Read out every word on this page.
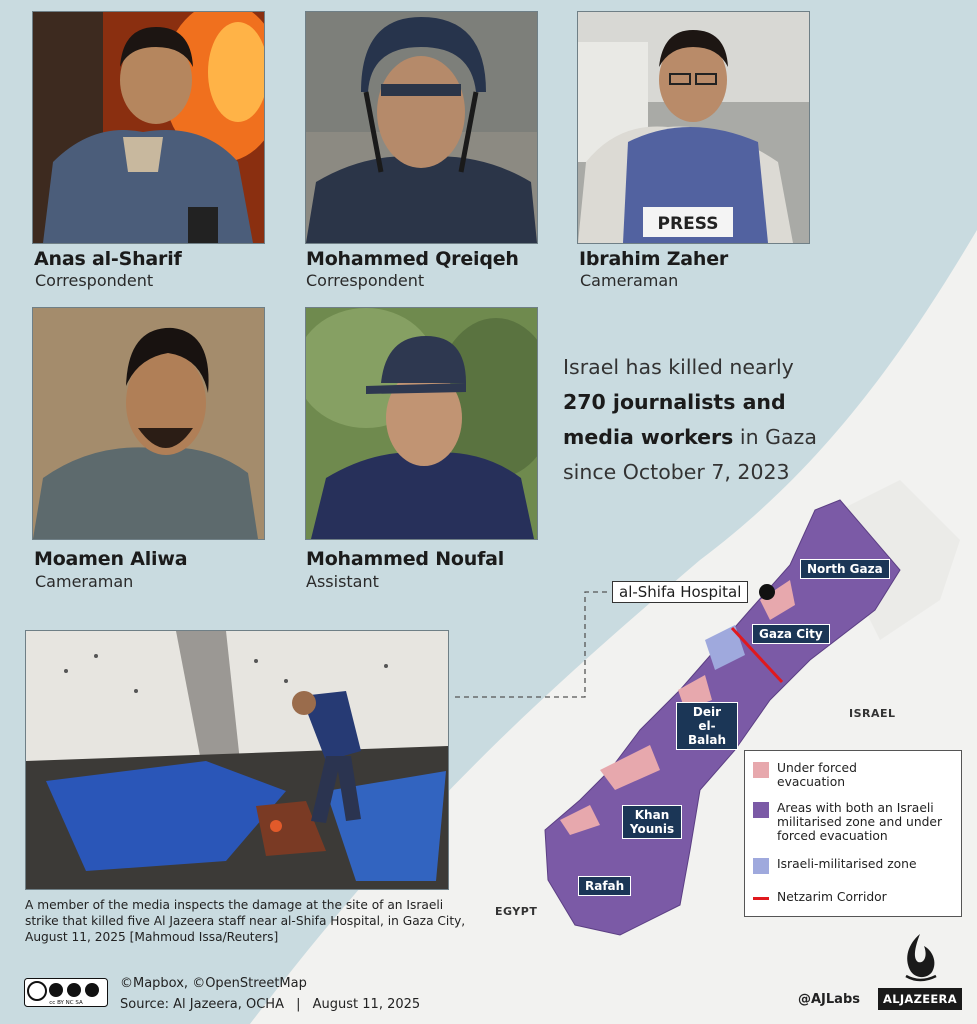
Anas al-Sharif
Correspondent
Mohammed Qreiqeh
Correspondent
PRESS
Ibrahim Zaher
Cameraman
Moamen Aliwa
Cameraman
Mohammed Noufal
Assistant
Israel has killed nearly
270 journalists and media workers in Gaza since October 7, 2023
al-Shifa Hospital
North Gaza
Gaza City
Deir el-Balah
Khan Younis
Rafah
ISRAEL
EGYPT
Under forced evacuation
Areas with both an Israeli militarised zone and under forced evacuation
Israeli-militarised zone
Netzarim Corridor
A member of the media inspects the damage at the site of an Israeli strike that killed five Al Jazeera staff near al-Shifa Hospital, in Gaza City, August 11, 2025 [Mahmoud Issa/Reuters]
cc BY NC SA
©Mapbox, ©OpenStreetMap
Source: Al Jazeera, OCHA | August 11, 2025	@AJLabs	ALJAZEERA
